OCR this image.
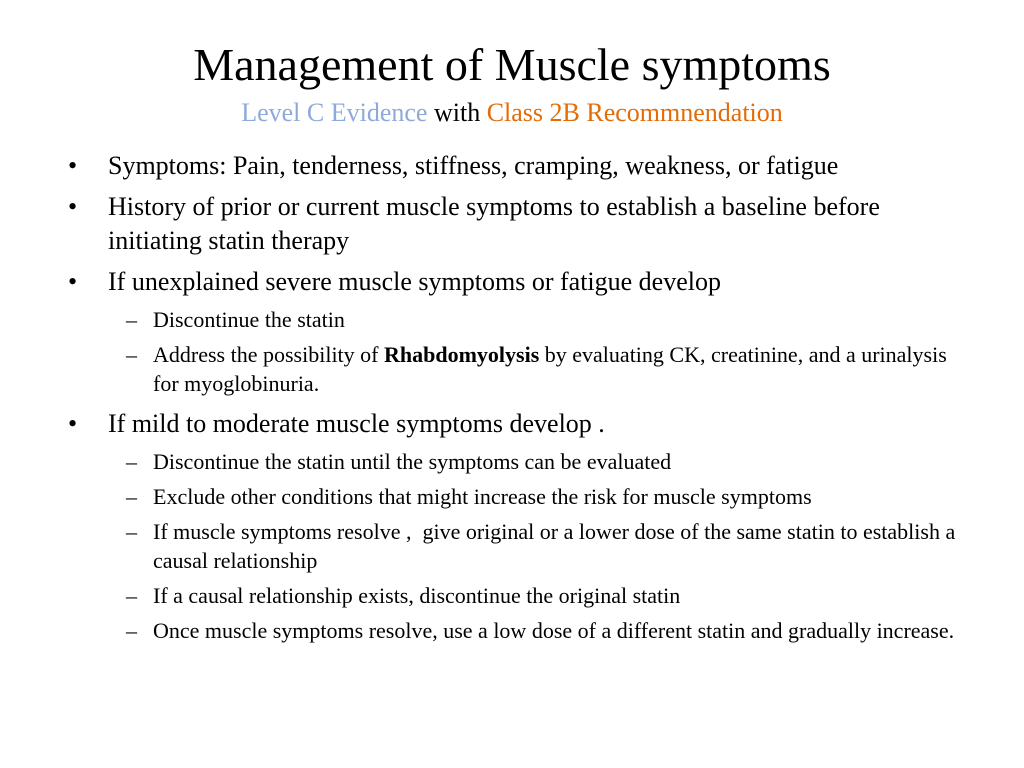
Management of Muscle symptoms
Level C Evidence with Class 2B Recommnendation
• Symptoms: Pain, tenderness, stiffness, cramping, weakness, or fatigue
• History of prior or current muscle symptoms to establish a baseline before initiating statin therapy
• If unexplained severe muscle symptoms or fatigue develop
– Discontinue the statin
– Address the possibility of Rhabdomyolysis by evaluating CK, creatinine, and a urinalysis for myoglobinuria.
• If mild to moderate muscle symptoms develop .
– Discontinue the statin until the symptoms can be evaluated
– Exclude other conditions that might increase the risk for muscle symptoms
– If muscle symptoms resolve ,  give original or a lower dose of the same statin to establish a causal relationship
– If a causal relationship exists, discontinue the original statin
– Once muscle symptoms resolve, use a low dose of a different statin and gradually increase.
